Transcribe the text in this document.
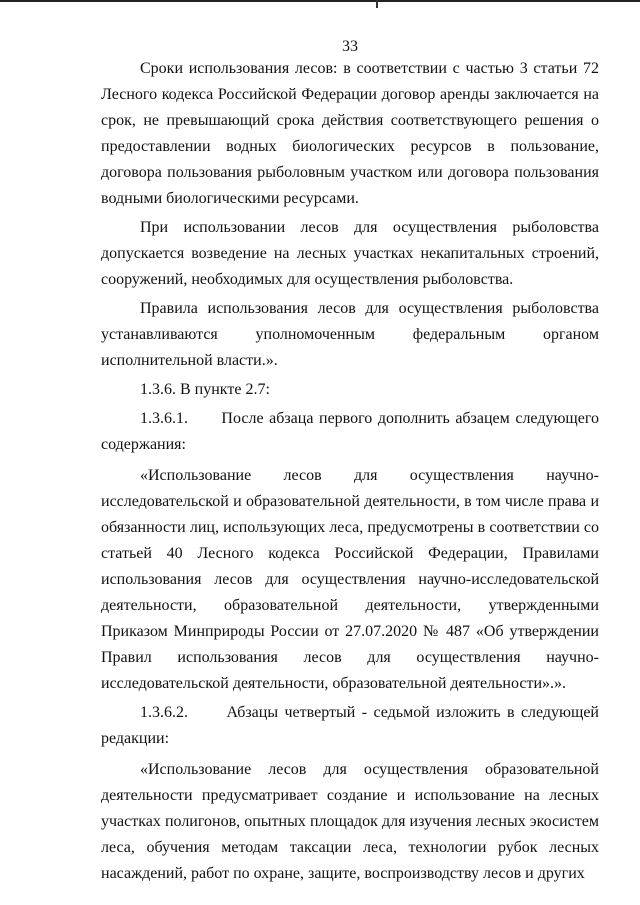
33

Сроки использования лесов: в соответствии с частью 3 статьи 72 Лесного кодекса Российской Федерации договор аренды заключается на срок, не превышающий срока действия соответствующего решения о предоставлении водных биологических ресурсов в пользование, договора пользования рыболовным участком или договора пользования водными биологическими ресурсами.

При использовании лесов для осуществления рыболовства допускается возведение на лесных участках некапитальных строений, сооружений, необходимых для осуществления рыболовства.

Правила использования лесов для осуществления рыболовства устанавливаются уполномоченным федеральным органом исполнительной власти.».

1.3.6. В пункте 2.7:

1.3.6.1.      После абзаца первого дополнить абзацем следующего содержания:

«Использование лесов для осуществления научно-исследовательской и образовательной деятельности, в том числе права и обязанности лиц, использующих леса, предусмотрены в соответствии со статьей 40 Лесного кодекса Российской Федерации, Правилами использования лесов для осуществления научно-исследовательской деятельности, образовательной деятельности, утвержденными Приказом Минприроды России от 27.07.2020 № 487 «Об утверждении Правил использования лесов для осуществления научно-исследовательской деятельности, образовательной деятельности».».

1.3.6.2.      Абзацы четвертый - седьмой изложить в следующей редакции:

«Использование лесов для осуществления образовательной деятельности предусматривает создание и использование на лесных участках полигонов, опытных площадок для изучения лесных экосистем леса, обучения методам таксации леса, технологии рубок лесных насаждений, работ по охране, защите, воспроизводству лесов и других
